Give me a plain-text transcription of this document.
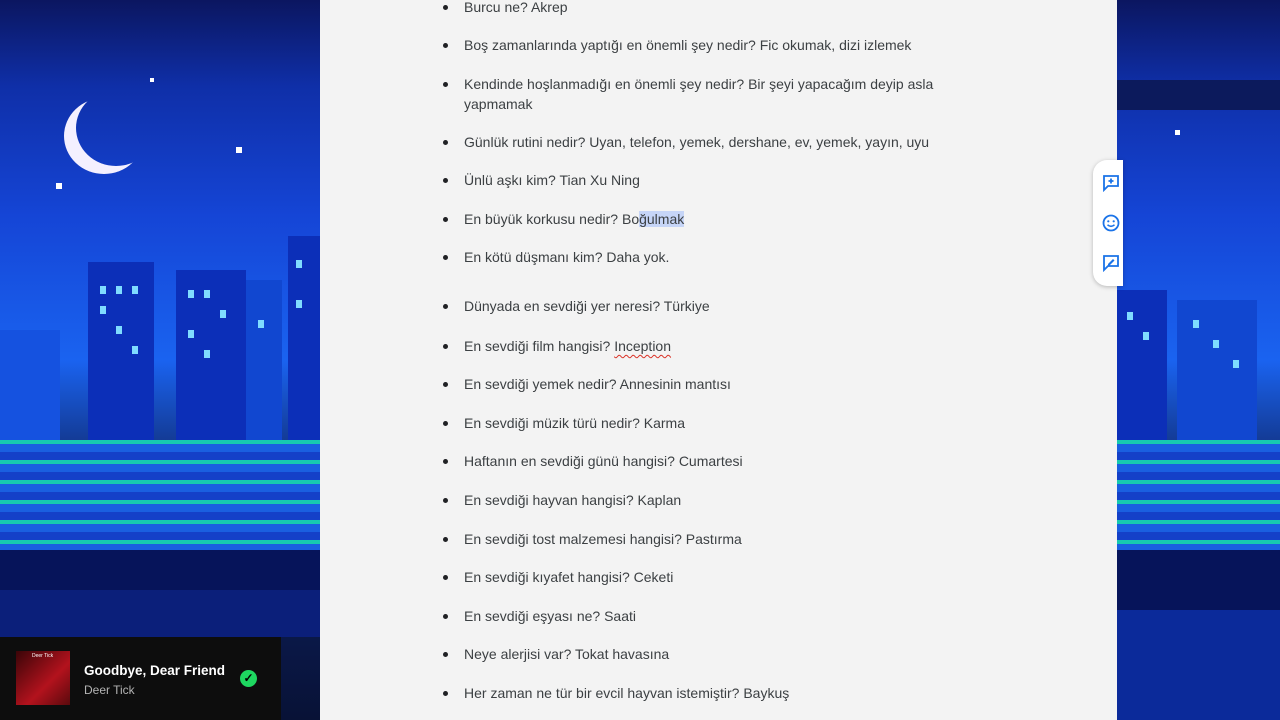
Burcu ne? Akrep
Boş zamanlarında yaptığı en önemli şey nedir? Fic okumak, dizi izlemek
Kendinde hoşlanmadığı en önemli şey nedir? Bir şeyi yapacağım deyip asla yapmamak
Günlük rutini nedir? Uyan, telefon, yemek, dershane, ev, yemek, yayın, uyu
Ünlü aşkı kim? Tian Xu Ning
En büyük korkusu nedir? Boğulmak
En kötü düşmanı kim? Daha yok.
Dünyada en sevdiği yer neresi? Türkiye
En sevdiği film hangisi? Inception
En sevdiği yemek nedir? Annesinin mantısı
En sevdiği müzik türü nedir? Karma
Haftanın en sevdiği günü hangisi? Cumartesi
En sevdiği hayvan hangisi? Kaplan
En sevdiği tost malzemesi hangisi? Pastırma
En sevdiği kıyafet hangisi? Ceketi
En sevdiği eşyası ne? Saati
Neye alerjisi var? Tokat havasına
Her zaman ne tür bir evcil hayvan istemiştir? Baykuş
Deer Tick
Goodbye, Dear Friend
Deer Tick
✓
